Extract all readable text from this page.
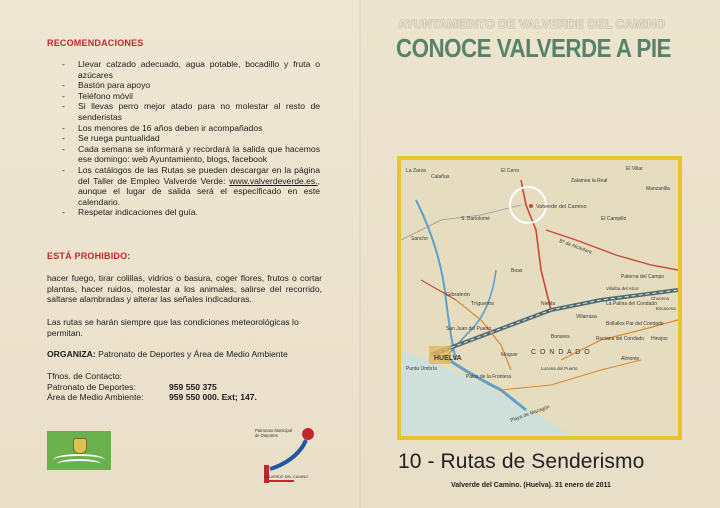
RECOMENDACIONES
- Llevar calzado adecuado, agua potable, bocadillo y fruta o azúcares
- Bastón para apoyo
- Teléfono móvil
- Si llevas perro mejor atado para no molestar al resto de senderistas
- Los menores de 16 años deben ir acompañados
- Se ruega puntualidad
- Cada semana se informará y recordará la salida que hacemos ese domingo: web Ayuntamiento, blogs, facebook
- Los catálogos de las Rutas se pueden descargar en la página del Taller de Empleo Valverde Verde: www.valverdeverde.es., aunque el lugar de salida será el especificado en este calendario.
- Respetar indicaciones del guía.
ESTÁ PROHIBIDO:
hacer fuego, tirar colillas, vidrios o basura, coger flores, frutos o cortar plantas, hacer ruidos, molestar a los animales, salirse del recorrido, saltarse alambradas y alterar las señales indicadoras.
Las rutas se harán siempre que las condiciones meteorológicas lo permitan.
ORGANIZA: Patronato de Deportes y Área de Medio Ambiente
Tfnos. de Contacto:
Patronato de Deportes:	959 550 375
Área de Medio Ambiente:	959 550 000. Ext; 147.
Patronato Municipal de Deportes
VALVERDE DEL CAMINO
AYUNTAMIENTO DE VALVERDE DEL CAMINO
CONOCE VALVERDE A PIE
Valverde del Camino
HUELVA
C O N D A D O
El Villar
Bº de Alcántara
Gibraleón
Trigueros	Niebla
San Juan del Puerto
Moguer
Palos de la Frontera
Punta Umbría
Playa de Mazagón
La Palma del Condado
Bollullos Par del Condado
Almonte
Rociana del Condado
Paterna del Campo
Villalba del Alcor
Beas
Lucena del Puerto
Bonares
Villarrasa
Hinojos
La Zarza
Escacena
Manzanilla
Chucena
Calañas
El Cerro
Zalamea la Real
El Campillo
S. Bartolomé
Sancho
10 - Rutas de Senderismo
Valverde del Camino. (Huelva). 31 enero de 2011
